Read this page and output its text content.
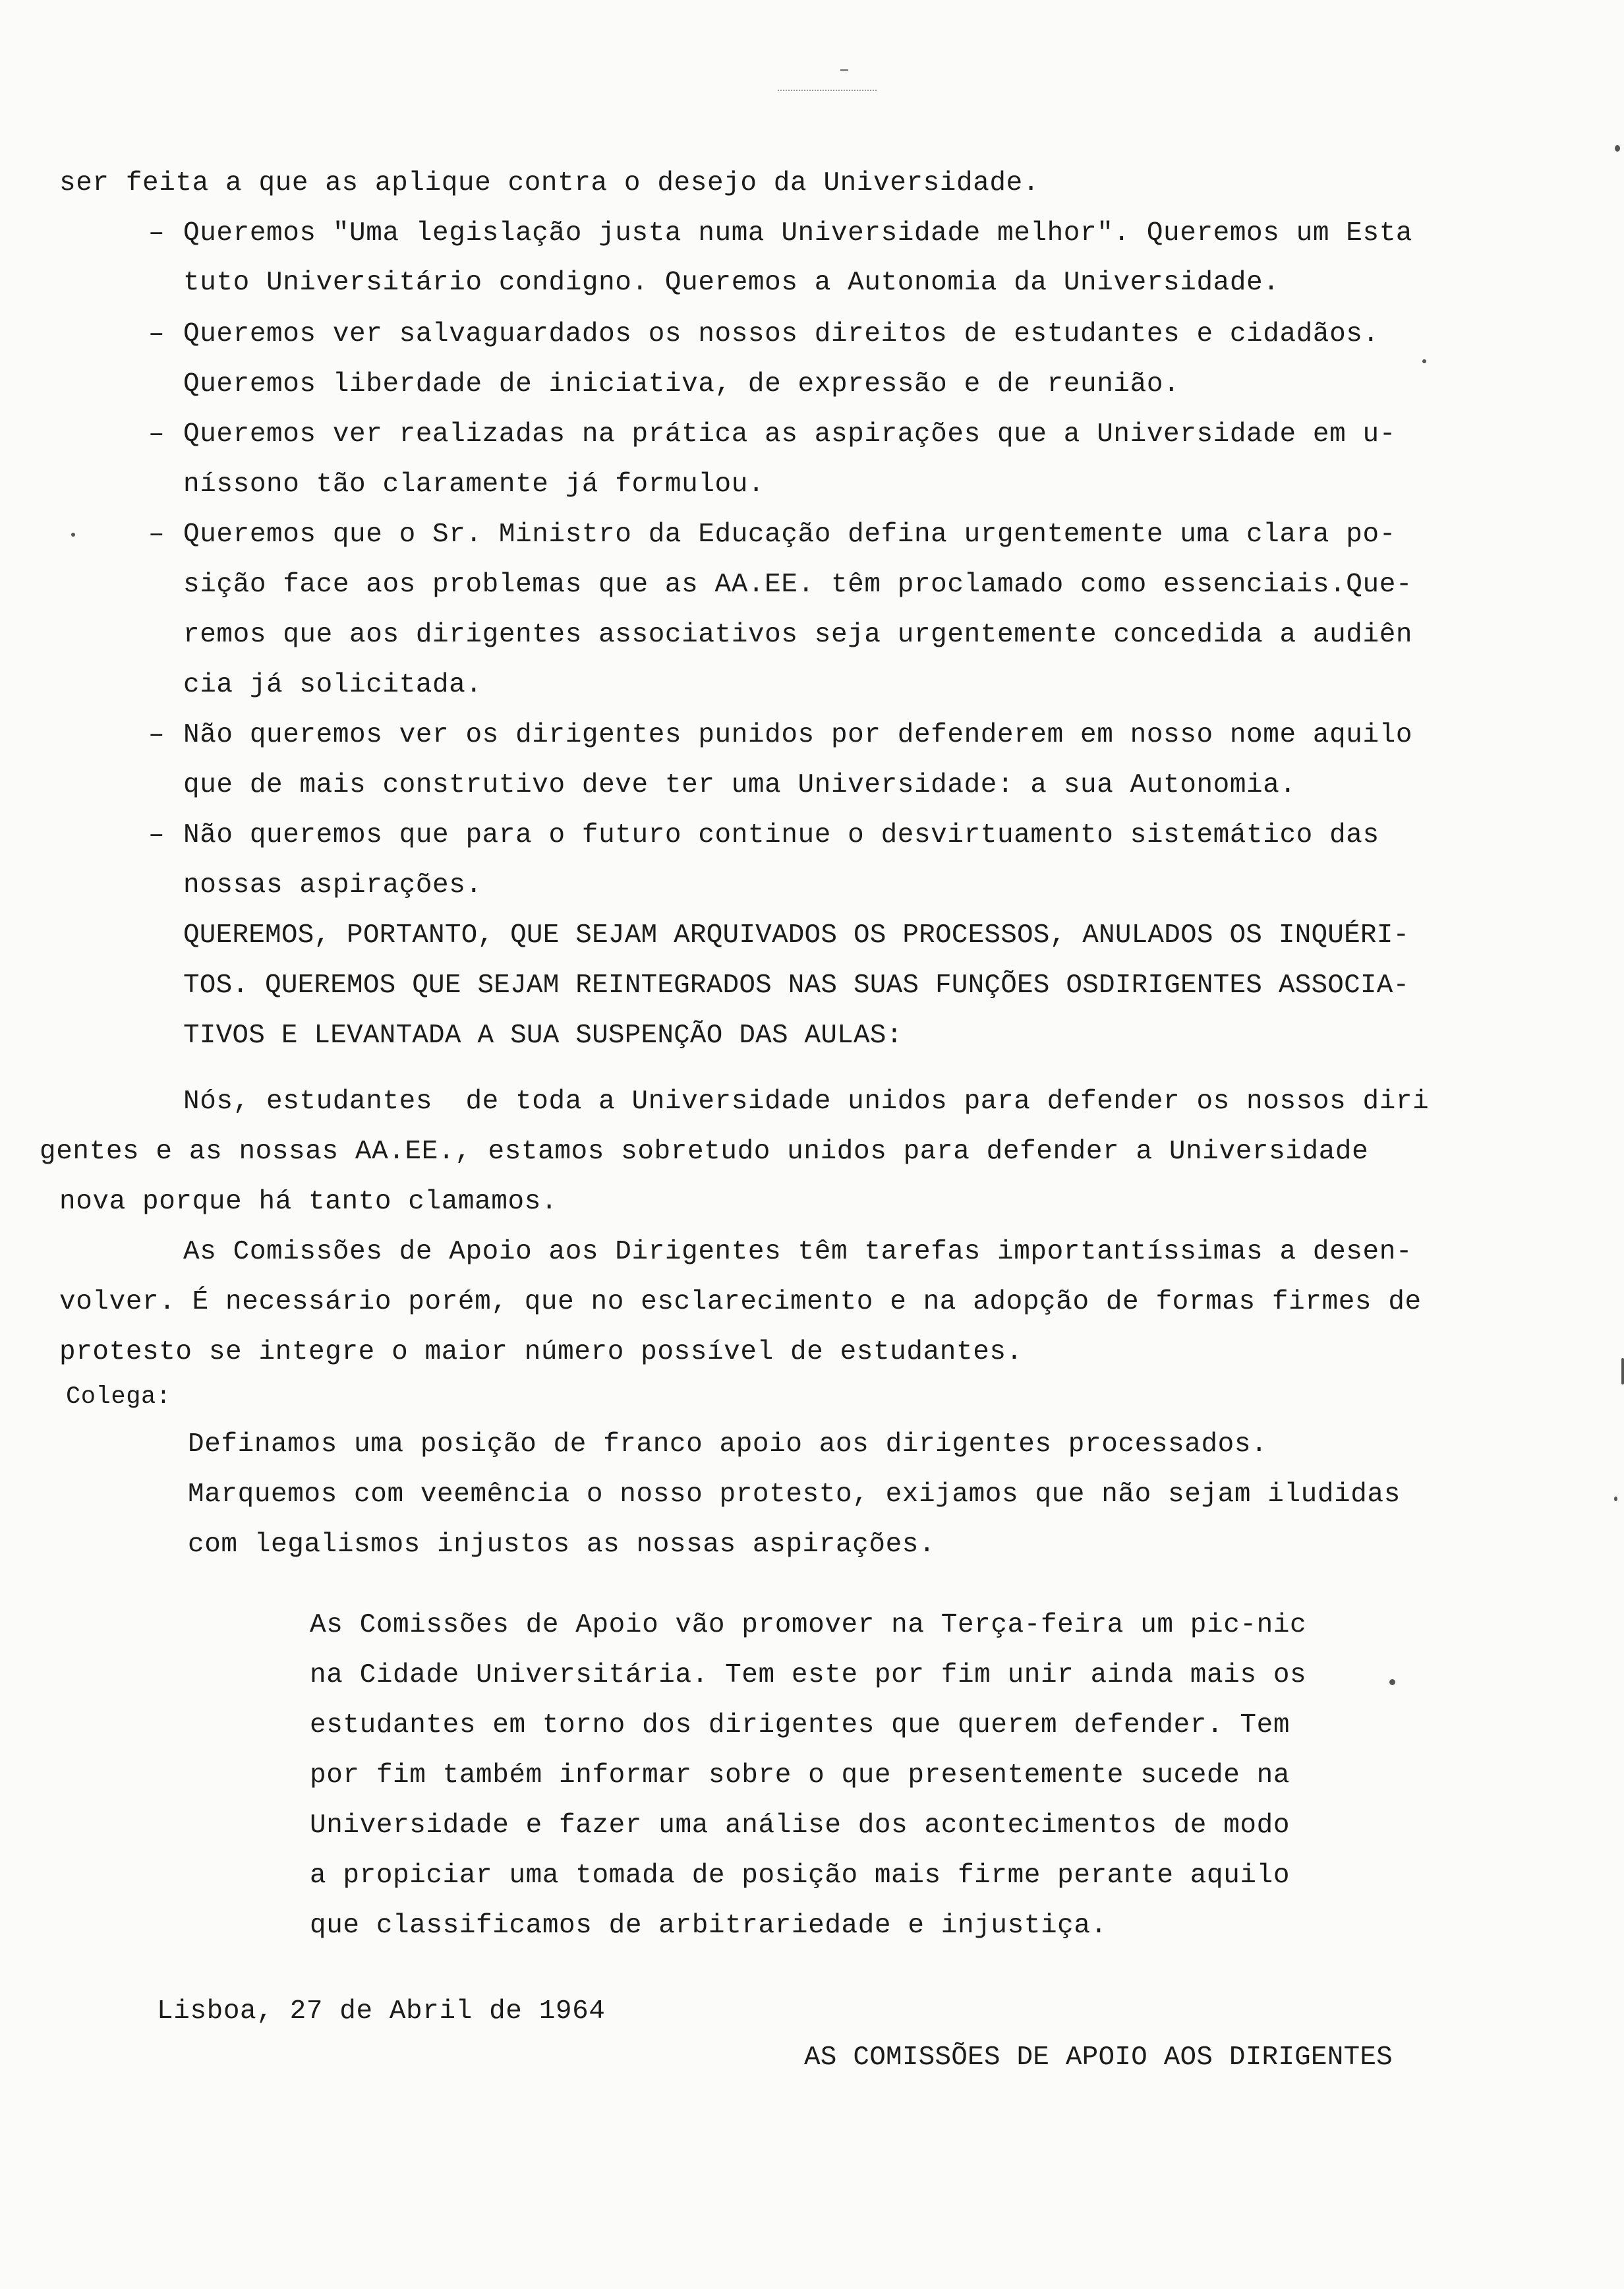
ser feita a que as aplique contra o desejo da Universidade.
– Queremos "Uma legislação justa numa Universidade melhor". Queremos um Esta
tuto Universitário condigno. Queremos a Autonomia da Universidade.
– Queremos ver salvaguardados os nossos direitos de estudantes e cidadãos.
Queremos liberdade de iniciativa, de expressão e de reunião.
– Queremos ver realizadas na prática as aspirações que a Universidade em u-
níssono tão claramente já formulou.
– Queremos que o Sr. Ministro da Educação defina urgentemente uma clara po-
sição face aos problemas que as AA.EE. têm proclamado como essenciais.Que-
remos que aos dirigentes associativos seja urgentemente concedida a audiên
cia já solicitada.
– Não queremos ver os dirigentes punidos por defenderem em nosso nome aquilo
que de mais construtivo deve ter uma Universidade: a sua Autonomia.
– Não queremos que para o futuro continue o desvirtuamento sistemático das
nossas aspirações.
QUEREMOS, PORTANTO, QUE SEJAM ARQUIVADOS OS PROCESSOS, ANULADOS OS INQUÉRI-
TOS. QUEREMOS QUE SEJAM REINTEGRADOS NAS SUAS FUNÇÕES OSDIRIGENTES ASSOCIA-
TIVOS E LEVANTADA A SUA SUSPENÇÃO DAS AULAS:
Nós, estudantes  de toda a Universidade unidos para defender os nossos diri
gentes e as nossas AA.EE., estamos sobretudo unidos para defender a Universidade
nova porque há tanto clamamos.
As Comissões de Apoio aos Dirigentes têm tarefas importantíssimas a desen-
volver. É necessário porém, que no esclarecimento e na adopção de formas firmes de
protesto se integre o maior número possível de estudantes.
Colega:
Definamos uma posição de franco apoio aos dirigentes processados.
Marquemos com veemência o nosso protesto, exijamos que não sejam iludidas
com legalismos injustos as nossas aspirações.
As Comissões de Apoio vão promover na Terça-feira um pic-nic
na Cidade Universitária. Tem este por fim unir ainda mais os
estudantes em torno dos dirigentes que querem defender. Tem
por fim também informar sobre o que presentemente sucede na
Universidade e fazer uma análise dos acontecimentos de modo
a propiciar uma tomada de posição mais firme perante aquilo
que classificamos de arbitrariedade e injustiça.
Lisboa, 27 de Abril de 1964
AS COMISSÕES DE APOIO AOS DIRIGENTES
